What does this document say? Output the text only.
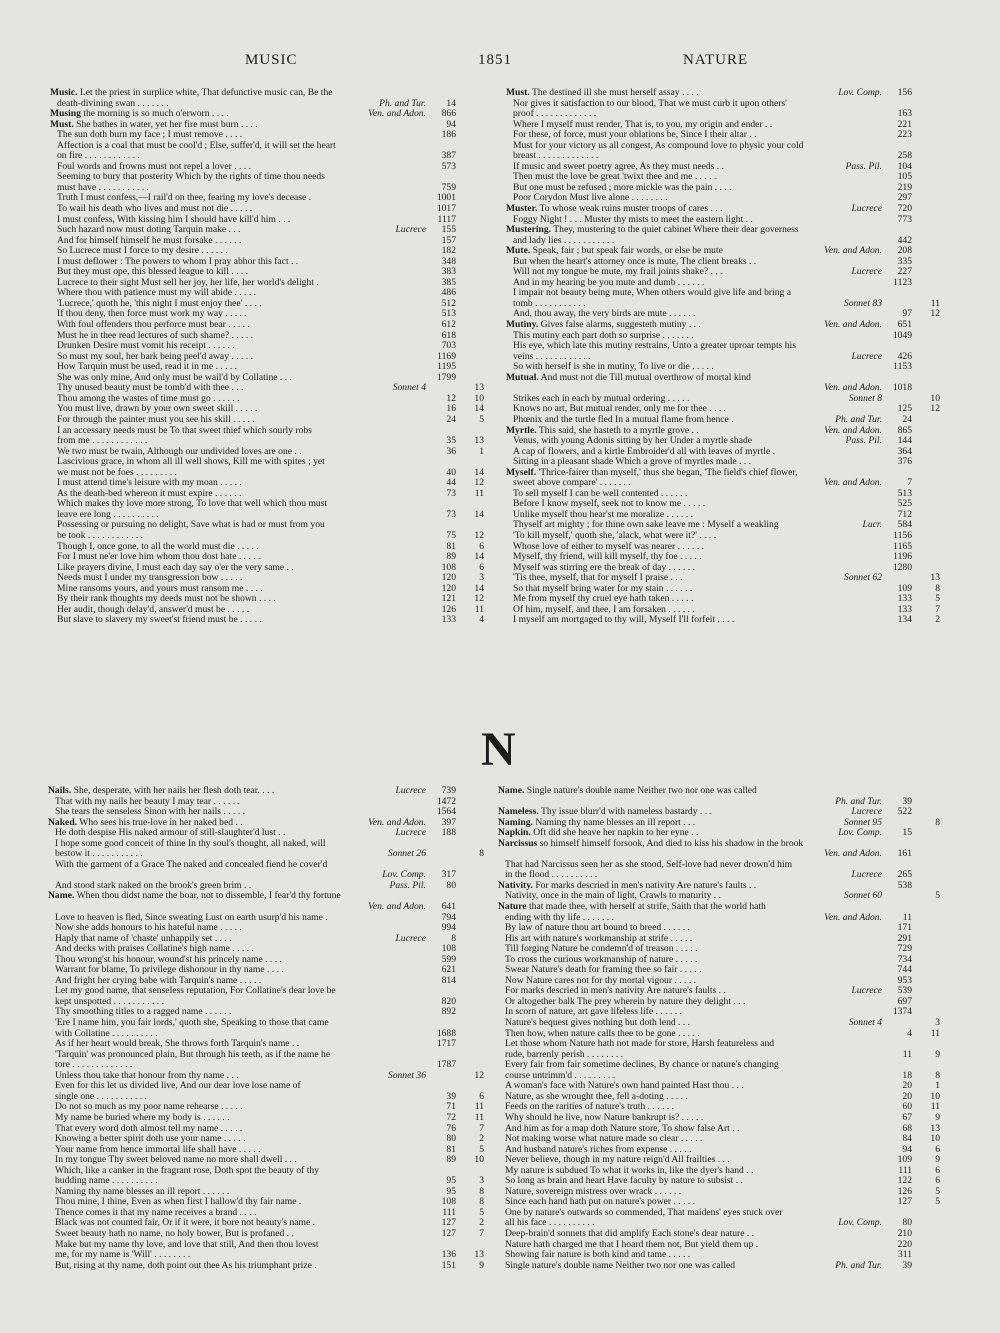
MUSIC	1851	NATURE
Music. Let the priest in surplice white, That defunctive music can, Be the
death-divining swan . . . . . . .	Ph. and Tur.	14
Musing the morning is so much o'erworn . . . .	Ven. and Adon.	866
Must. She bathes in water, yet her fire must burn . . . .	94
The sun doth burn my face ; I must remove . . . .	186
Affection is a coal that must be cool'd ; Else, suffer'd, it will set the heart
on fire . . . . . . . . . . . .	387
Foul words and frowns must not repel a lover . . . .	573
Seeming to bury that posterity Which by the rights of time thou needs
must have . . . . . . . . . . .	759
Truth I must confess,—I rail'd on thee, fearing my love's decease .	1001
To wail his death who lives and must not die . . . . .	1017
I must confess, With kissing him I should have kill'd him . . .	1117
Such hazard now must doting Tarquin make . . .	Lucrece	155
And for himself himself he must forsake . . . . . .	157
So Lucrece must I force to my desire . . . . . .	182
I must deflower : The powers to whom I pray abhor this fact . .	348
But they must ope, this blessed league to kill . . . .	383
Lucrece to their sight Must sell her joy, her life, her world's delight .	385
Where thou with patience must my will abide . . . . .	486
'Lucrece,' quoth he, 'this night I must enjoy thee' . . . .	512
If thou deny, then force must work my way . . . . .	513
With foul offenders thou perforce must bear . . . . .	612
Must he in thee read lectures of such shame? . . . . .	618
Drunken Desire must vomit his receipt . . . . . .	703
So must my soul, her bark being peel'd away . . . . .	1169
How Tarquin must be used, read it in me . . . . .	1195
She was only mine, And only must be wail'd by Collatine . . .	1799
Thy unused beauty must be tomb'd with thee . . .	Sonnet 4	13
Thou among the wastes of time must go . . . . . .	12	10
You must live, drawn by your own sweet skill . . . . .	16	14
For through the painter must you see his skill . . . . .	24	5
I an accessary needs must be To that sweet thief which sourly robs
from me . . . . . . . . . . . .	35	13
We two must be twain, Although our undivided loves are one . .	36	1
Lascivious grace, in whom all ill well shows, Kill me with spites ; yet
we must not be foes . . . . . . . . .	40	14
I must attend time's leisure with my moan . . . . .	44	12
As the death-bed whereon it must expire . . . . . .	73	11
Which makes thy love more strong, To love that well which thou must
leave ere long . . . . . . . . . .	73	14
Possessing or pursuing no delight, Save what is had or must from you
be took . . . . . . . . . . . .	75	12
Though I, once gone, to all the world must die . . . . .	81	6
For I must ne'er love him whom thou dost hate . . . . .	89	14
Like prayers divine, I must each day say o'er the very same . .	108	6
Needs must I under my transgression bow . . . . .	120	3
Mine ransoms yours, and yours must ransom me . . . .	120	14
By their rank thoughts my deeds must not be shown . . . .	121	12
Her audit, though delay'd, answer'd must be . . . . .	126	11
But slave to slavery my sweet'st friend must be . . . . .	133	4
Must. The destined ill she must herself assay . . . .	Lov. Comp.	156
Nor gives it satisfaction to our blood, That we must curb it upon others'
proof . . . . . . . . . . . . .	163
Where I myself must render, That is, to you, my origin and ender . .	221
For these, of force, must your oblations be, Since I their altar . .	223
Must for your victory us all congest, As compound love to physic your cold
breast . . . . . . . . . . . . .	258
If music and sweet poetry agree, As they must needs . .	Pass. Pil.	104
Then must the love be great 'twixt thee and me . . . . .	105
But one must be refused ; more mickle was the pain . . . .	219
Poor Corydon Must live alone . . . . . . . .	297
Muster. To whose weak ruins muster troops of cares . . .	Lucrece	720
Foggy Night ! . . . Muster thy mists to meet the eastern light . .	773
Mustering. They, mustering to the quiet cabinet Where their dear governess
and lady lies . . . . . . . . . . .	442
Mute. Speak, fair ; but speak fair words, or else be mute	Ven. and Adon.	208
But when the heart's attorney once is mute, The client breaks . .	335
Will not my tongue be mute, my frail joints shake? . . .	Lucrece	227
And in my hearing be you mute and dumb . . . . . .	1123
I impair not beauty being mute, When others would give life and bring a
tomb . . . . . . . . . . .	Sonnet 83	11
And, thou away, the very birds are mute . . . . . .	97	12
Mutiny. Gives false alarms, suggesteth mutiny . . .	Ven. and Adon.	651
This mutiny each part doth so surprise . . . . . . .	1049
His eye, which late this mutiny restrains, Unto a greater uproar tempts his
veins . . . . . . . . . . . .	Lucrece	426
So with herself is she in mutiny, To live or die . . . . .	1153
Mutual. And must not die Till mutual overthrow of mortal kind
Ven. and Adon.	1018
Strikes each in each by mutual ordering . . . . .	Sonnet 8	10
Knows no art, But mutual render, only me for thee . . . .	125	12
Phœnix and the turtle fled In a mutual flame from hence .	Ph. and Tur.	24
Myrtle. This said, she hasteth to a myrtle grove . .	Ven. and Adon.	865
Venus, with young Adonis sitting by her Under a myrtle shade	Pass. Pil.	144
A cap of flowers, and a kirtle Embroider'd all with leaves of myrtle .	364
Sitting in a pleasant shade Which a grove of myrtles made . . .	376
Myself. 'Thrice-fairer than myself,' thus she began, 'The field's chief flower,
sweet above compare' . . . . . . .	Ven. and Adon.	7
To sell myself I can be well contented . . . . . .	513
Before I know myself, seek not to know me . . . . .	525
Unlike myself thou hear'st me moralize . . . . . .	712
Thyself art mighty ; for thine own sake leave me : Myself a weakling	Lucr.	584
'To kill myself,' quoth she, 'alack, what were it?' . . . .	1156
Whose love of either to myself was nearer . . . . . .	1165
Myself, thy friend, will kill myself, thy foe . . . . .	1196
Myself was stirring ere the break of day . . . . . .	1280
'Tis thee, myself, that for myself I praise . . .	Sonnet 62	13
So that myself bring water for my stain . . . . . .	109	8
Me from myself thy cruel eye hath taken . . . . .	133	5
Of him, myself, and thee, I am forsaken . . . . . .	133	7
I myself am mortgaged to thy will, Myself I'll forfeit . . . .	134	2
N
Nails. She, desperate, with her nails her flesh doth tear. . . .	Lucrece	739
That with my nails her beauty I may tear . . . . . .	1472
She tears the senseless Sinon with her nails . . . . .	1564
Naked. Who sees his true-love in her naked bed . .	Ven. and Adon.	397
He doth despise His naked armour of still-slaughter'd lust . .	Lucrece	188
I hope some good conceit of thine In thy soul's thought, all naked, will
bestow it . . . . . . . . . . .	Sonnet 26	8
With the garment of a Grace The naked and concealed fiend he cover'd
Lov. Comp.	317
And stood stark naked on the brook's green brim . .	Pass. Pil.	80
Name. When thou didst name the boar, not to dissemble, I fear'd thy fortune
Ven. and Adon.	641
Love to heaven is fled, Since sweating Lust on earth usurp'd his name .	794
Now she adds honours to his hateful name . . . . .	994
Haply that name of 'chaste' unhappily set . . . .	Lucrece	8
And decks with praises Collatine's high name . . . . .	108
Thou wrong'st his honour, wound'st his princely name . . . .	599
Warrant for blame, To privilege dishonour in thy name . . . .	621
And fright her crying babe with Tarquin's name . . . . .	814
Let my good name, that senseless reputation, For Collatine's dear love be
kept unspotted . . . . . . . . . . .	820
Thy smoothing titles to a ragged name . . . . . .	892
'Ere I name him, you fair lords,' quoth she, Speaking to those that came
with Collatine . . . . . . . . . .	1688
As if her heart would break, She throws forth Tarquin's name . .	1717
'Tarquin' was pronounced plain, But through his teeth, as if the name he
tore . . . . . . . . . . . . .	1787
Unless thou take that honour from thy name . . .	Sonnet 36	12
Even for this let us divided live, And our dear love lose name of
single one . . . . . . . . . . .	39	6
Do not so much as my poor name rehearse . . . . .	71	11
My name be buried where my body is . . . . . .	72	11
That every word doth almost tell my name . . . . .	76	7
Knowing a better spirit doth use your name . . . . .	80	2
Your name from hence immortal life shall have . . . . .	81	5
In my tongue Thy sweet beloved name no more shall dwell . . .	89	10
Which, like a canker in the fragrant rose, Doth spot the beauty of thy
budding name . . . . . . . . . .	95	3
Naming thy name blesses an ill report . . . . . .	95	8
Thou mine, I thine, Even as when first I hallow'd thy fair name .	108	8
Thence comes it that my name receives a brand . . . .	111	5
Black was not counted fair, Or if it were, it bore not beauty's name .	127	2
Sweet beauty hath no name, no holy bower, But is profaned . .	127	7
Make but my name thy love, and love that still, And then thou lovest
me, for my name is 'Will' . . . . . . . .	136	13
But, rising at thy name, doth point out thee As his triumphant prize .	151	9
Name. Single nature's double name Neither two nor one was called
Ph. and Tur.	39
Nameless. Thy issue blurr'd with nameless bastardy . . .	Lucrece	522
Naming. Naming thy name blesses an ill report . . .	Sonnet 95	8
Napkin. Oft did she heave her napkin to her eyne . .	Lov. Comp.	15
Narcissus so himself himself forsook, And died to kiss his shadow in the brook
Ven. and Adon.	161
That had Narcissus seen her as she stood, Self-love had never drown'd him
in the flood . . . . . . . . . .	Lucrece	265
Nativity. For marks descried in men's nativity Are nature's faults . .	538
Nativity, once in the main of light, Crawls to maturity . .	Sonnet 60	5
Nature that made thee, with herself at strife, Saith that the world hath
ending with thy life . . . . . . .	Ven. and Adon.	11
By law of nature thou art bound to breed . . . . . .	171
His art with nature's workmanship at strife . . . . .	291
Till forging Nature be condemn'd of treason . . . . .	729
To cross the curious workmanship of nature . . . . .	734
Swear Nature's death for framing thee so fair . . . . .	744
Now Nature cares not for thy mortal vigour . . . . .	953
For marks descried in men's nativity Are nature's faults . .	Lucrece	539
Or altogether balk The prey wherein by nature they delight . . .	697
In scorn of nature, art gave lifeless life . . . . . .	1374
Nature's bequest gives nothing but doth lend . . .	Sonnet 4	3
Then how, when nature calls thee to be gone . . . . .	4	11
Let those whom Nature hath not made for store, Harsh featureless and
rude, barrenly perish . . . . . . . .	11	9
Every fair from fair sometime declines, By chance or nature's changing
course untrimm'd . . . . . . . . .	18	8
A woman's face with Nature's own hand painted Hast thou . . .	20	1
Nature, as she wrought thee, fell a-doting . . . . .	20	10
Feeds on the rarities of nature's truth . . . . . .	60	11
Why should he live, now Nature bankrupt is? . . . . .	67	9
And him as for a map doth Nature store, To show false Art . .	68	13
Not making worse what nature made so clear . . . . .	84	10
And husband nature's riches from expense . . . . .	94	6
Never believe, though in my nature reign'd All frailties . . .	109	9
My nature is subdued To what it works in, like the dyer's hand . .	111	6
So long as brain and heart Have faculty by nature to subsist . .	122	6
Nature, sovereign mistress over wrack . . . . . .	126	5
Since each hand hath put on nature's power . . . . .	127	5
One by nature's outwards so commended, That maidens' eyes stuck over
all his face . . . . . . . . . .	Lov. Comp.	80
Deep-brain'd sonnets that did amplify Each stone's dear nature . .	210
Nature hath charged me that I hoard them not, But yield them up .	220
Showing fair nature is both kind and tame . . . . .	311
Single nature's double name Neither two nor one was called	Ph. and Tur.	39
